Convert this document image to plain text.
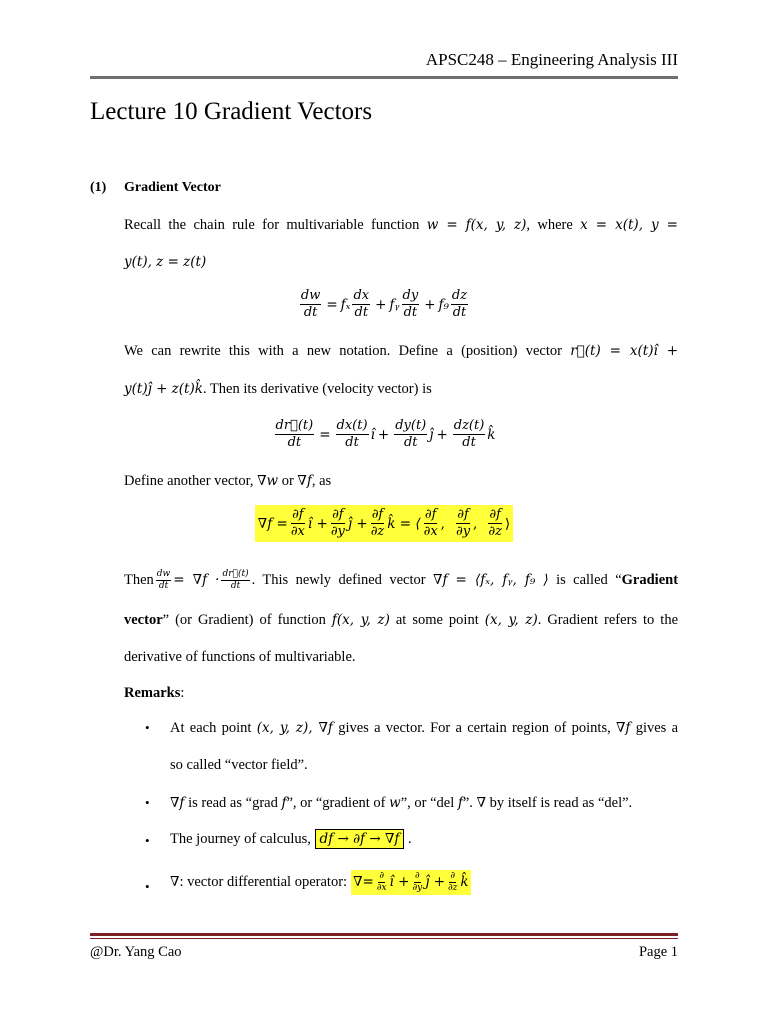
APSC248 – Engineering Analysis III
Lecture 10 Gradient Vectors
(1) Gradient Vector
Recall the chain rule for multivariable function w = f(x, y, z), where x = x(t), y =
y(t), z = z(t)
$\frac{dw}{dt} = f_x \frac{dx}{dt}$ + fᵧ $\frac{dy}{dt} + f_9 \frac{dz}{dt}$
We can rewrite this with a new notation. Define a (position) vector r⃗(t) = x(t)î +
y(t)ĵ + z(t)k̂. Then its derivative (velocity vector) is
$\frac{dr⃗(t)}{dt} = \frac{dx(t)}{dt}$ î + $\frac{dy(t)}{dt}$ ĵ + $\frac{dz(t)}{dt}$ k̂
Define another vector, ∇w or ∇f, as
$\nabla f = \frac{\partial f}{\partial x}$ î + $\frac{\partial f}{\partial y}$ ĵ + $\frac{\partial f}{\partial z}$ k̂ = ⟨ $\frac{\partial f}{\partial x}$ , $\frac{\partial f}{\partial y}$ , $\frac{\partial f}{\partial z}$ ⟩
Then $\frac{dw}{dt} = \nabla f \cdot \frac{dr⃗(t)}{dt}$ . This newly defined vector ∇f = ⟨fₓ, fᵧ, f₉ ⟩ is called “Gradient
vector” (or Gradient) of function f(x, y, z) at some point (x, y, z). Gradient refers to the
derivative of functions of multivariable.
Remarks:
• At each point (x, y, z), ∇f gives a vector. For a certain region of points, ∇f gives a
so called “vector field”.
• ∇f is read as “grad f”, or “gradient of w”, or “del f”. ∇ by itself is read as “del”.
• The journey of calculus, df → ∂f → ∇f .
• ∇ : vector differential operator: ∇= $\frac{\partial}{\partial x}$ î + $\frac{\partial}{\partial y}$ ĵ + $\frac{\partial}{\partial z}$ k̂
@Dr. Yang Cao	Page 1
